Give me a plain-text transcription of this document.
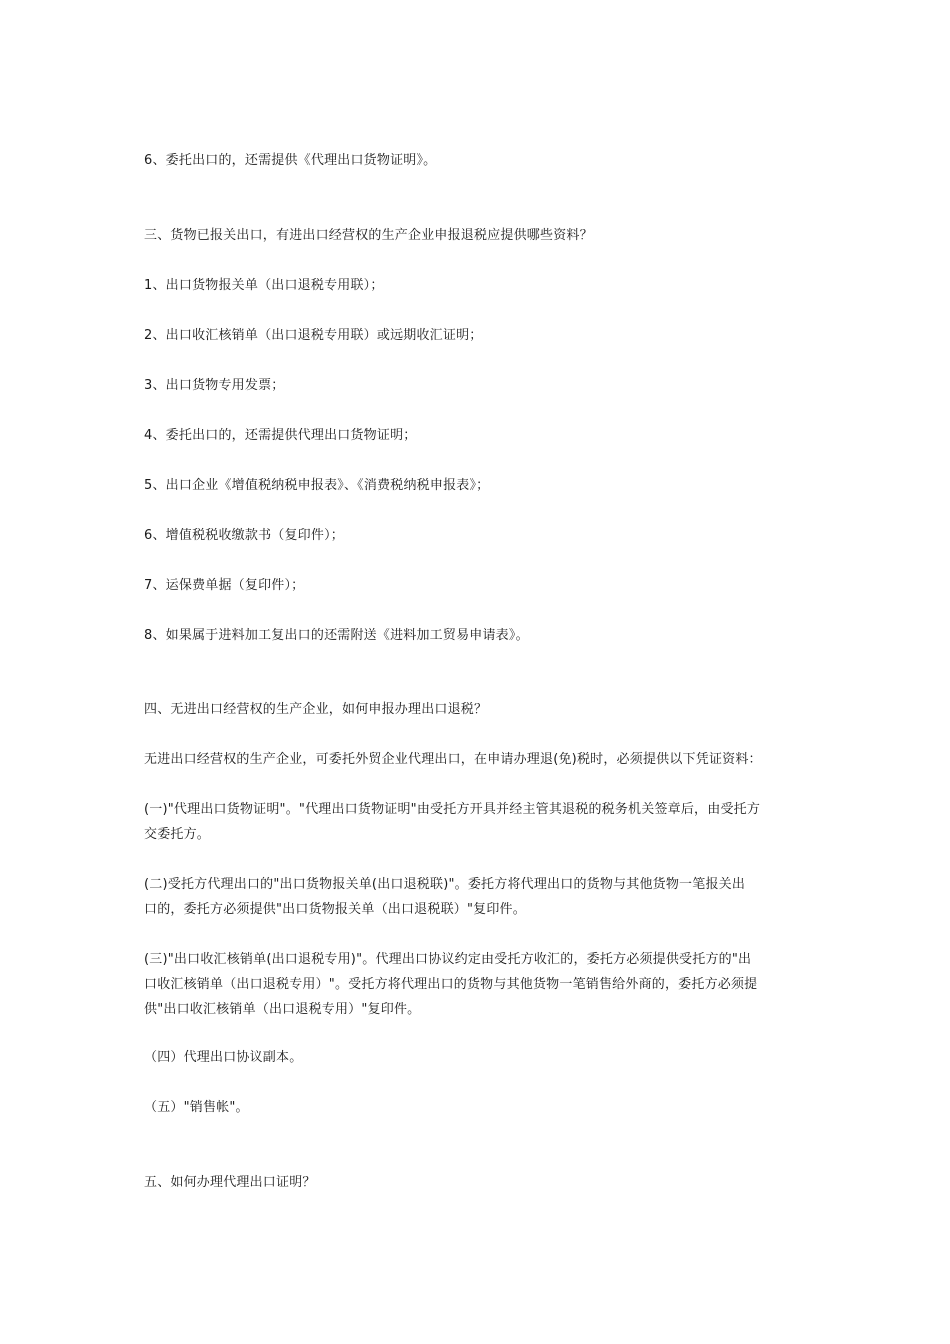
6、委托出口的，还需提供《代理出口货物证明》。
三、货物已报关出口，有进出口经营权的生产企业申报退税应提供哪些资料？
1、出口货物报关单（出口退税专用联）；
2、出口收汇核销单（出口退税专用联）或远期收汇证明；
3、出口货物专用发票；
4、委托出口的，还需提供代理出口货物证明；
5、出口企业《增值税纳税申报表》、《消费税纳税申报表》；
6、增值税税收缴款书（复印件）；
7、运保费单据（复印件）；
8、如果属于进料加工复出口的还需附送《进料加工贸易申请表》。
四、无进出口经营权的生产企业，如何申报办理出口退税？
无进出口经营权的生产企业，可委托外贸企业代理出口，在申请办理退(免)税时，必须提供以下凭证资料：
(一)"代理出口货物证明"。"代理出口货物证明"由受托方开具并经主管其退税的税务机关签章后，由受托方
交委托方。
(二)受托方代理出口的"出口货物报关单(出口退税联)"。委托方将代理出口的货物与其他货物一笔报关出
口的，委托方必须提供"出口货物报关单（出口退税联）"复印件。
(三)"出口收汇核销单(出口退税专用)"。代理出口协议约定由受托方收汇的，委托方必须提供受托方的"出
口收汇核销单（出口退税专用）"。受托方将代理出口的货物与其他货物一笔销售给外商的，委托方必须提
供"出口收汇核销单（出口退税专用）"复印件。
（四）代理出口协议副本。
（五）"销售帐"。
五、如何办理代理出口证明？
